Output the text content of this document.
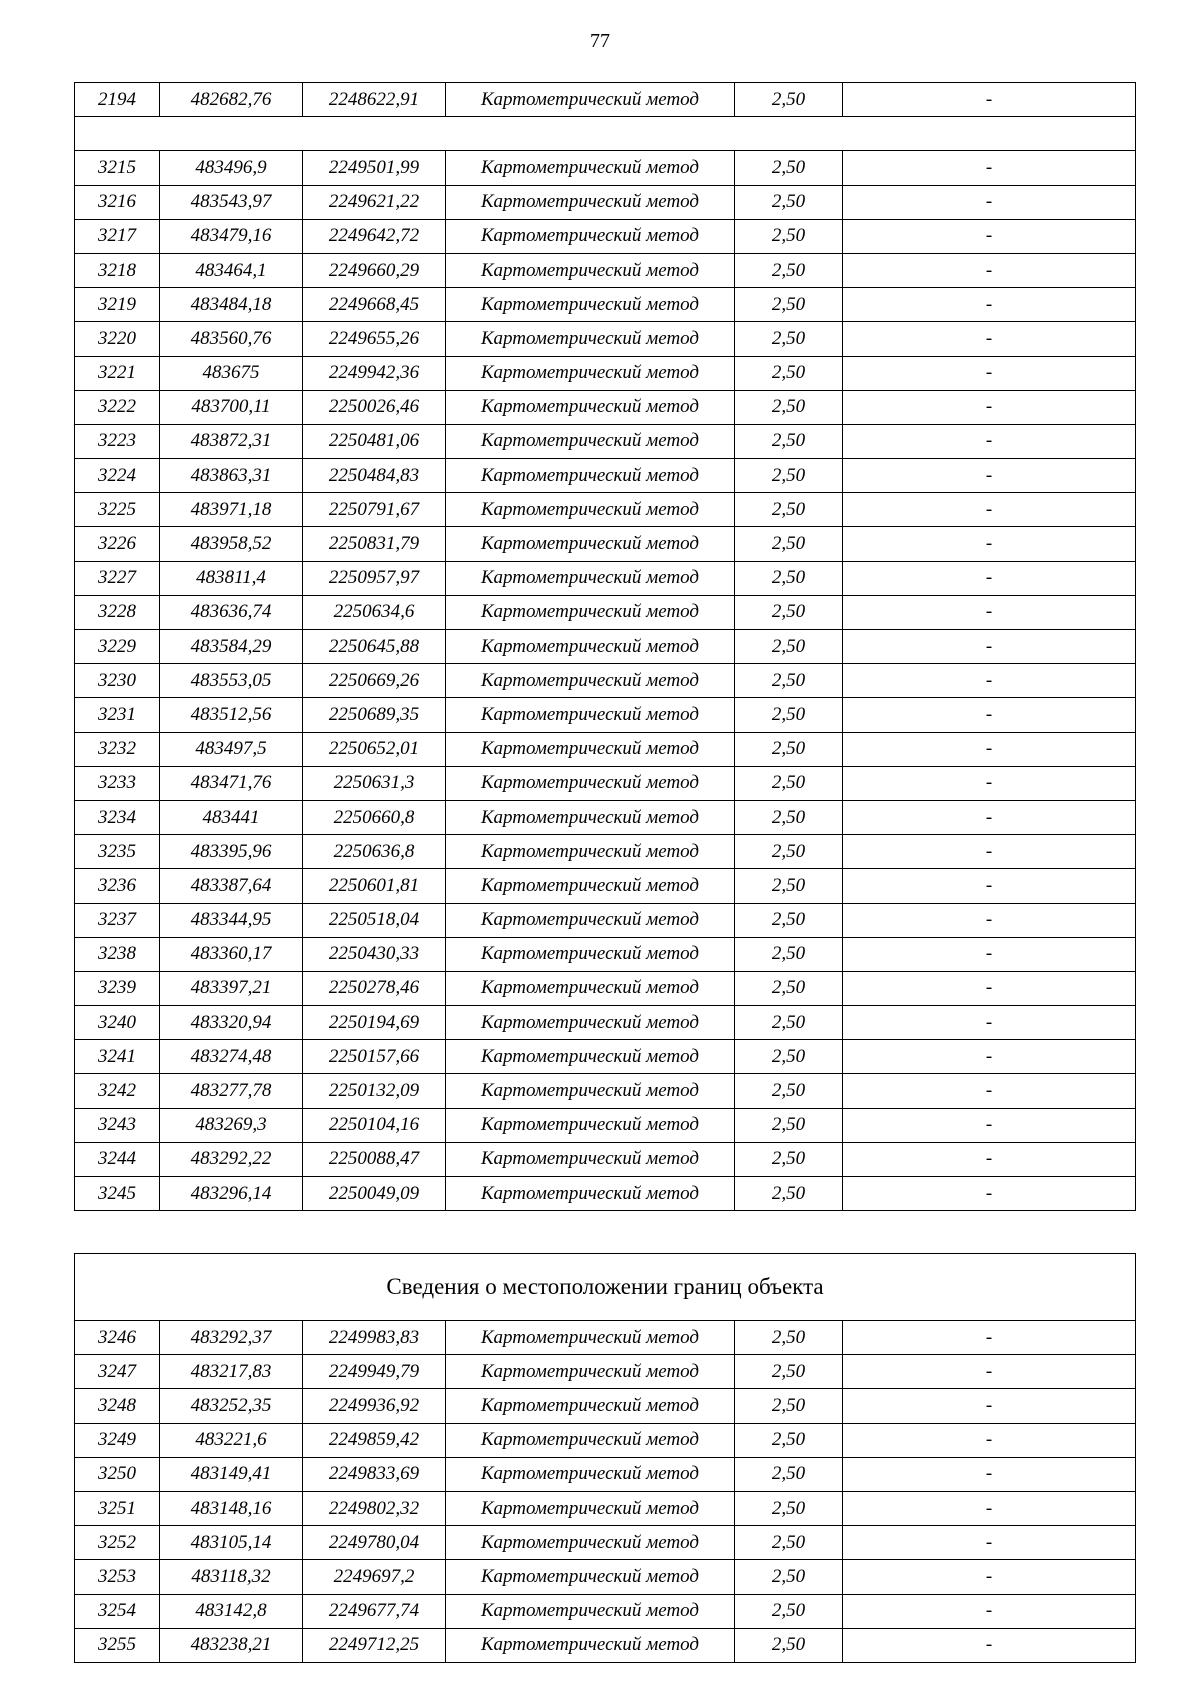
77
2194	482682,76	2248622,91	Картометрический метод	2,50	-

3215	483496,9	2249501,99	Картометрический метод	2,50	-
3216	483543,97	2249621,22	Картометрический метод	2,50	-
3217	483479,16	2249642,72	Картометрический метод	2,50	-
3218	483464,1	2249660,29	Картометрический метод	2,50	-
3219	483484,18	2249668,45	Картометрический метод	2,50	-
3220	483560,76	2249655,26	Картометрический метод	2,50	-
3221	483675	2249942,36	Картометрический метод	2,50	-
3222	483700,11	2250026,46	Картометрический метод	2,50	-
3223	483872,31	2250481,06	Картометрический метод	2,50	-
3224	483863,31	2250484,83	Картометрический метод	2,50	-
3225	483971,18	2250791,67	Картометрический метод	2,50	-
3226	483958,52	2250831,79	Картометрический метод	2,50	-
3227	483811,4	2250957,97	Картометрический метод	2,50	-
3228	483636,74	2250634,6	Картометрический метод	2,50	-
3229	483584,29	2250645,88	Картометрический метод	2,50	-
3230	483553,05	2250669,26	Картометрический метод	2,50	-
3231	483512,56	2250689,35	Картометрический метод	2,50	-
3232	483497,5	2250652,01	Картометрический метод	2,50	-
3233	483471,76	2250631,3	Картометрический метод	2,50	-
3234	483441	2250660,8	Картометрический метод	2,50	-
3235	483395,96	2250636,8	Картометрический метод	2,50	-
3236	483387,64	2250601,81	Картометрический метод	2,50	-
3237	483344,95	2250518,04	Картометрический метод	2,50	-
3238	483360,17	2250430,33	Картометрический метод	2,50	-
3239	483397,21	2250278,46	Картометрический метод	2,50	-
3240	483320,94	2250194,69	Картометрический метод	2,50	-
3241	483274,48	2250157,66	Картометрический метод	2,50	-
3242	483277,78	2250132,09	Картометрический метод	2,50	-
3243	483269,3	2250104,16	Картометрический метод	2,50	-
3244	483292,22	2250088,47	Картометрический метод	2,50	-
3245	483296,14	2250049,09	Картометрический метод	2,50	-
Сведения о местоположении границ объекта					
3246	483292,37	2249983,83	Картометрический метод	2,50	-
3247	483217,83	2249949,79	Картометрический метод	2,50	-
3248	483252,35	2249936,92	Картометрический метод	2,50	-
3249	483221,6	2249859,42	Картометрический метод	2,50	-
3250	483149,41	2249833,69	Картометрический метод	2,50	-
3251	483148,16	2249802,32	Картометрический метод	2,50	-
3252	483105,14	2249780,04	Картометрический метод	2,50	-
3253	483118,32	2249697,2	Картометрический метод	2,50	-
3254	483142,8	2249677,74	Картометрический метод	2,50	-
3255	483238,21	2249712,25	Картометрический метод	2,50	-
